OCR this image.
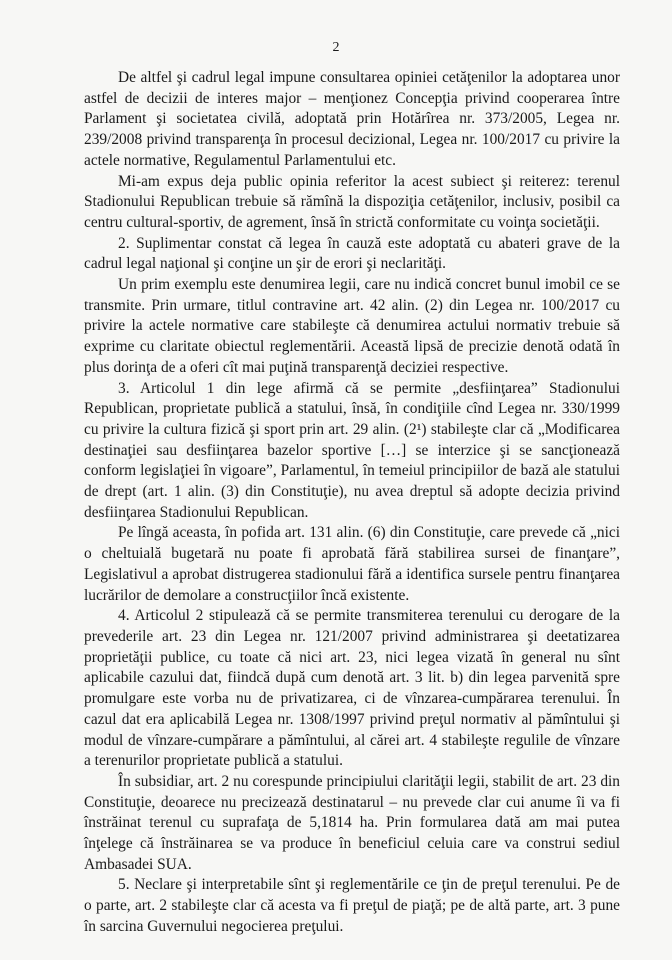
2

De altfel şi cadrul legal impune consultarea opiniei cetăţenilor la adoptarea unor astfel de decizii de interes major – menţionez Concepţia privind cooperarea între Parlament şi societatea civilă, adoptată prin Hotărîrea nr. 373/2005, Legea nr. 239/2008 privind transparenţa în procesul decizional, Legea nr. 100/2017 cu privire la actele normative, Regulamentul Parlamentului etc.

Mi-am expus deja public opinia referitor la acest subiect şi reiterez: terenul Stadionului Republican trebuie să rămînă la dispoziţia cetăţenilor, inclusiv, posibil ca centru cultural-sportiv, de agrement, însă în strictă conformitate cu voinţa societăţii.

2. Suplimentar constat că legea în cauză este adoptată cu abateri grave de la cadrul legal naţional şi conţine un şir de erori şi neclarităţi.

Un prim exemplu este denumirea legii, care nu indică concret bunul imobil ce se transmite. Prin urmare, titlul contravine art. 42 alin. (2) din Legea nr. 100/2017 cu privire la actele normative care stabileşte că denumirea actului normativ trebuie să exprime cu claritate obiectul reglementării. Această lipsă de precizie denotă odată în plus dorinţa de a oferi cît mai puţină transparenţă deciziei respective.

3. Articolul 1 din lege afirmă că se permite „desfiinţarea” Stadionului Republican, proprietate publică a statului, însă, în condiţiile cînd Legea nr. 330/1999 cu privire la cultura fizică şi sport prin art. 29 alin. (2¹) stabileşte clar că „Modificarea destinaţiei sau desfiinţarea bazelor sportive […] se interzice şi se sancţionează conform legislaţiei în vigoare”, Parlamentul, în temeiul principiilor de bază ale statului de drept (art. 1 alin. (3) din Constituţie), nu avea dreptul să adopte decizia privind desfiinţarea Stadionului Republican.

Pe lîngă aceasta, în pofida art. 131 alin. (6) din Constituţie, care prevede că „nici o cheltuială bugetară nu poate fi aprobată fără stabilirea sursei de finanţare”, Legislativul a aprobat distrugerea stadionului fără a identifica sursele pentru finanţarea lucrărilor de demolare a construcţiilor încă existente.

4. Articolul 2 stipulează că se permite transmiterea terenului cu derogare de la prevederile art. 23 din Legea nr. 121/2007 privind administrarea şi deetatizarea proprietăţii publice, cu toate că nici art. 23, nici legea vizată în general nu sînt aplicabile cazului dat, fiindcă după cum denotă art. 3 lit. b) din legea parvenită spre promulgare este vorba nu de privatizarea, ci de vînzarea-cumpărarea terenului. În cazul dat era aplicabilă Legea nr. 1308/1997 privind preţul normativ al pămîntului şi modul de vînzare-cumpărare a pămîntului, al cărei art. 4 stabileşte regulile de vînzare a terenurilor proprietate publică a statului.

În subsidiar, art. 2 nu corespunde principiului clarităţii legii, stabilit de art. 23 din Constituţie, deoarece nu precizează destinatarul – nu prevede clar cui anume îi va fi înstrăinat terenul cu suprafaţa de 5,1814 ha. Prin formularea dată am mai putea înţelege că înstrăinarea se va produce în beneficiul celuia care va construi sediul Ambasadei SUA.

5. Neclare şi interpretabile sînt şi reglementările ce ţin de preţul terenului. Pe de o parte, art. 2 stabileşte clar că acesta va fi preţul de piaţă; pe de altă parte, art. 3 pune în sarcina Guvernului negocierea preţului.
